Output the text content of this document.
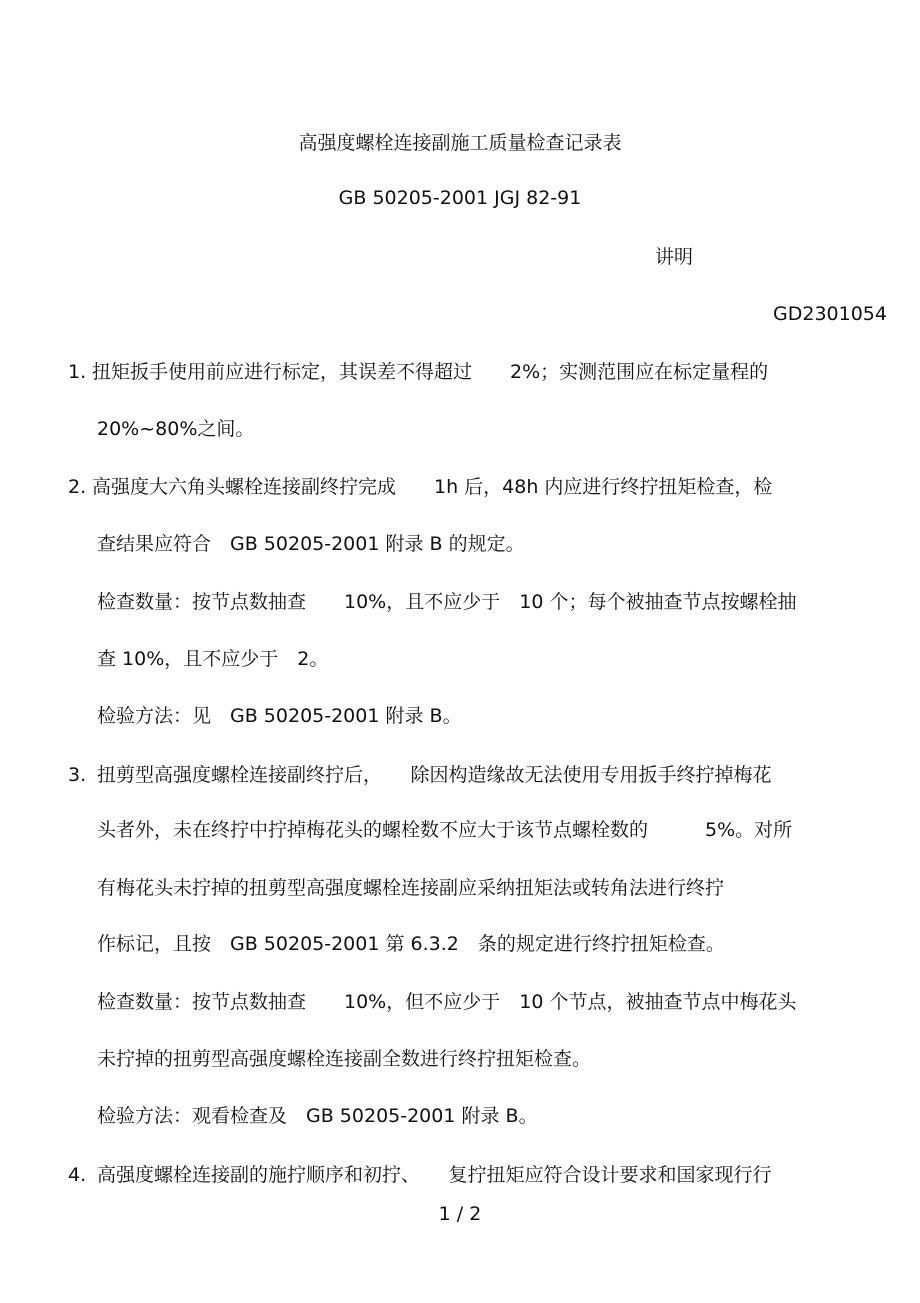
高强度螺栓连接副施工质量检查记录表
GB 50205-2001 JGJ 82-91
讲明
GD2301054
1. 扭矩扳手使用前应进行标定，其误差不得超过　　2%；实测范围应在标定量程的
20%~80%之间。
2. 高强度大六角头螺栓连接副终拧完成　　1h 后，48h 内应进行终拧扭矩检查，检
查结果应符合　GB 50205-2001 附录 B 的规定。
检查数量：按节点数抽查　　10%，且不应少于　10 个；每个被抽查节点按螺栓抽
查 10%，且不应少于　2。
检验方法：见　GB 50205-2001 附录 B。
3. 扭剪型高强度螺栓连接副终拧后，　　除因构造缘故无法使用专用扳手终拧掉梅花
头者外，未在终拧中拧掉梅花头的螺栓数不应大于该节点螺栓数的　　　5%。对所
有梅花头未拧掉的扭剪型高强度螺栓连接副应采纳扭矩法或转角法进行终拧
作标记，且按　GB 50205-2001 第 6.3.2　条的规定进行终拧扭矩检查。
检查数量：按节点数抽查　　10%，但不应少于　10 个节点，被抽查节点中梅花头
未拧掉的扭剪型高强度螺栓连接副全数进行终拧扭矩检查。
检验方法：观看检查及　GB 50205-2001 附录 B。
4. 高强度螺栓连接副的施拧顺序和初拧、　　复拧扭矩应符合设计要求和国家现行行
1 / 2
